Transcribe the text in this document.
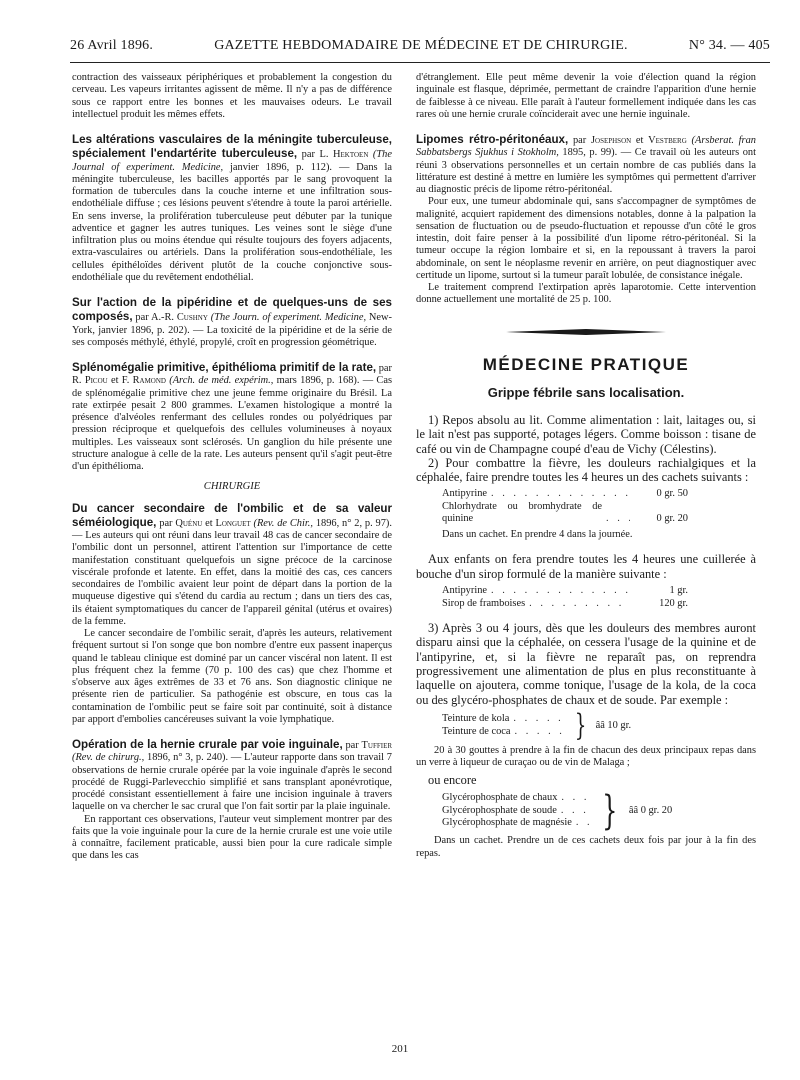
26 Avril 1896.	GAZETTE HEBDOMADAIRE DE MÉDECINE ET DE CHIRURGIE.	N° 34. — 405

contraction des vaisseaux périphériques et probablement la congestion du cerveau. Les vapeurs irritantes agissent de même. Il n'y a pas de différence sous ce rapport entre les bonnes et les mauvaises odeurs. Le travail intellectuel produit les mêmes effets.

Les altérations vasculaires de la méningite tuberculeuse, spécialement l'endartérite tuberculeuse, par L. Hektoen (The Journal of experiment. Medicine, janvier 1896, p. 112). — Dans la méningite tuberculeuse, les bacilles apportés par le sang provoquent la formation de tubercules dans la couche interne et une infiltration sous-endothéliale diffuse ; ces lésions peuvent s'étendre à toute la paroi artérielle. En sens inverse, la prolifération tuberculeuse peut débuter par la tunique adventice et gagner les autres tuniques. Les veines sont le siège d'une infiltration plus ou moins étendue qui résulte toujours des foyers adjacents, extra-vasculaires ou artériels. Dans la prolifération sous-endothéliale, les cellules épithéloïdes dérivent plutôt de la couche conjonctive sous-endothéliale que du revêtement endothélial.

Sur l'action de la pipéridine et de quelques-uns de ses composés, par A.-R. Cushny (The Journ. of experiment. Medicine, New-York, janvier 1896, p. 202). — La toxicité de la pipéridine et de la série de ses composés méthylé, éthylé, propylé, croît en progression géométrique.

Splénomégalie primitive, épithélioma primitif de la rate, par R. Picou et F. Ramond (Arch. de méd. expérim., mars 1896, p. 168). — Cas de splénomégalie primitive chez une jeune femme originaire du Brésil. La rate extirpée pesait 2 800 grammes. L'examen histologique a montré la présence d'alvéoles renfermant des cellules rondes ou polyédriques par pression réciproque et quelquefois des cellules volumineuses à noyaux multiples. Les vaisseaux sont sclérosés. Un ganglion du hile présente une structure analogue à celle de la rate. Les auteurs pensent qu'il s'agit peut-être d'un épithélioma.

CHIRURGIE

Du cancer secondaire de l'ombilic et de sa valeur séméiologique, par Quénu et Longuet (Rev. de Chir., 1896, n° 2, p. 97). — Les auteurs qui ont réuni dans leur travail 48 cas de cancer secondaire de l'ombilic dont un personnel, attirent l'attention sur l'importance de cette manifestation constituant quelquefois un signe précoce de la carcinose viscérale profonde et latente. En effet, dans la moitié des cas, ces cancers secondaires de l'ombilic avaient leur point de départ dans la portion de la muqueuse digestive qui s'étend du cardia au rectum ; dans un tiers des cas, ils étaient symptomatiques du cancer de l'appareil génital (utérus et ovaires) de la femme.

Le cancer secondaire de l'ombilic serait, d'après les auteurs, relativement fréquent surtout si l'on songe que bon nombre d'entre eux passent inaperçus quand le tableau clinique est dominé par un cancer viscéral non latent. Il est plus fréquent chez la femme (70 p. 100 des cas) que chez l'homme et s'observe aux âges extrêmes de 33 et 76 ans. Son diagnostic clinique ne présente rien de particulier. Sa pathogénie est obscure, en tous cas la contamination de l'ombilic peut se faire soit par continuité, soit à distance par apport d'embolies cancéreuses suivant la voie lymphatique.

Opération de la hernie crurale par voie inguinale, par Tuffier (Rev. de chirurg., 1896, n° 3, p. 240). — L'auteur rapporte dans son travail 7 observations de hernie crurale opérée par la voie inguinale d'après le second procédé de Ruggi-Parlevecchio simplifié et sans transplant aponévrotique, procédé consistant essentiellement à faire une incision inguinale à travers laquelle on va chercher le sac crural que l'on fait sortir par la plaie inguinale.

En rapportant ces observations, l'auteur veut simplement montrer par des faits que la voie inguinale pour la cure de la hernie crurale est une voie utile à connaître, facilement praticable, aussi bien pour la cure radicale simple que dans les cas

d'étranglement. Elle peut même devenir la voie d'élection quand la région inguinale est flasque, déprimée, permettant de craindre l'apparition d'une hernie de faiblesse à ce niveau. Elle paraît à l'auteur formellement indiquée dans les cas rares où une hernie crurale coïnciderait avec une hernie inguinale.

Lipomes rétro-péritonéaux, par Josephson et Vestberg (Arsberat. fran Sabbatsbergs Sjukhus i Stokholm, 1895, p. 99). — Ce travail où les auteurs ont réuni 3 observations personnelles et un certain nombre de cas publiés dans la littérature est destiné à mettre en lumière les symptômes qui permettent d'arriver au diagnostic précis de lipome rétro-péritonéal.

Pour eux, une tumeur abdominale qui, sans s'accompagner de symptômes de malignité, acquiert rapidement des dimensions notables, donne à la palpation la sensation de fluctuation ou de pseudo-fluctuation et repousse d'un côté le gros intestin, doit faire penser à la possibilité d'un lipome rétro-péritonéal. Si la tumeur occupe la région lombaire et si, en la repoussant à travers la paroi abdominale, on sent le néoplasme revenir en arrière, on peut diagnostiquer avec certitude un lipome, surtout si la tumeur paraît lobulée, de consistance inégale.

Le traitement comprend l'extirpation après laparotomie. Cette intervention donne actuellement une mortalité de 25 p. 100.

MÉDECINE PRATIQUE
Grippe fébrile sans localisation.

1) Repos absolu au lit. Comme alimentation : lait, laitages ou, si le lait n'est pas supporté, potages légers. Comme boisson : tisane de café ou vin de Champagne coupé d'eau de Vichy (Célestins).

2) Pour combattre la fièvre, les douleurs rachialgiques et la céphalée, faire prendre toutes les 4 heures un des cachets suivants :

Antipyrine . . .	0 gr. 50
Chlorhydrate ou bromhydrate de quinine . . .	0 gr. 20
Dans un cachet. En prendre 4 dans la journée.

Aux enfants on fera prendre toutes les 4 heures une cuillerée à bouche d'un sirop formulé de la manière suivante :

Antipyrine . . .	1 gr.
Sirop de framboises . . .	120 gr.

3) Après 3 ou 4 jours, dès que les douleurs des membres auront disparu ainsi que la céphalée, on cessera l'usage de la quinine et de l'antipyrine, et, si la fièvre ne reparaît pas, on reprendra progressivement une alimentation de plus en plus reconstituante à laquelle on ajoutera, comme tonique, l'usage de la kola, de la coca ou des glycéro-phosphates de chaux et de soude. Par exemple :

Teinture de kola
. . .
Teinture de coca . . . } ââ 10 gr.

20 à 30 gouttes à prendre à la fin de chacun des deux principaux repas dans un verre à liqueur de curaçao ou de vin de Malaga ;

ou encore

Glycérophosphate de chaux
. . .
Glycérophosphate de soude
. . .
Glycérophosphate de magnésie . . . } ââ 0 gr. 20

Dans un cachet. Prendre un de ces cachets deux fois par jour à la fin des repas.

201
